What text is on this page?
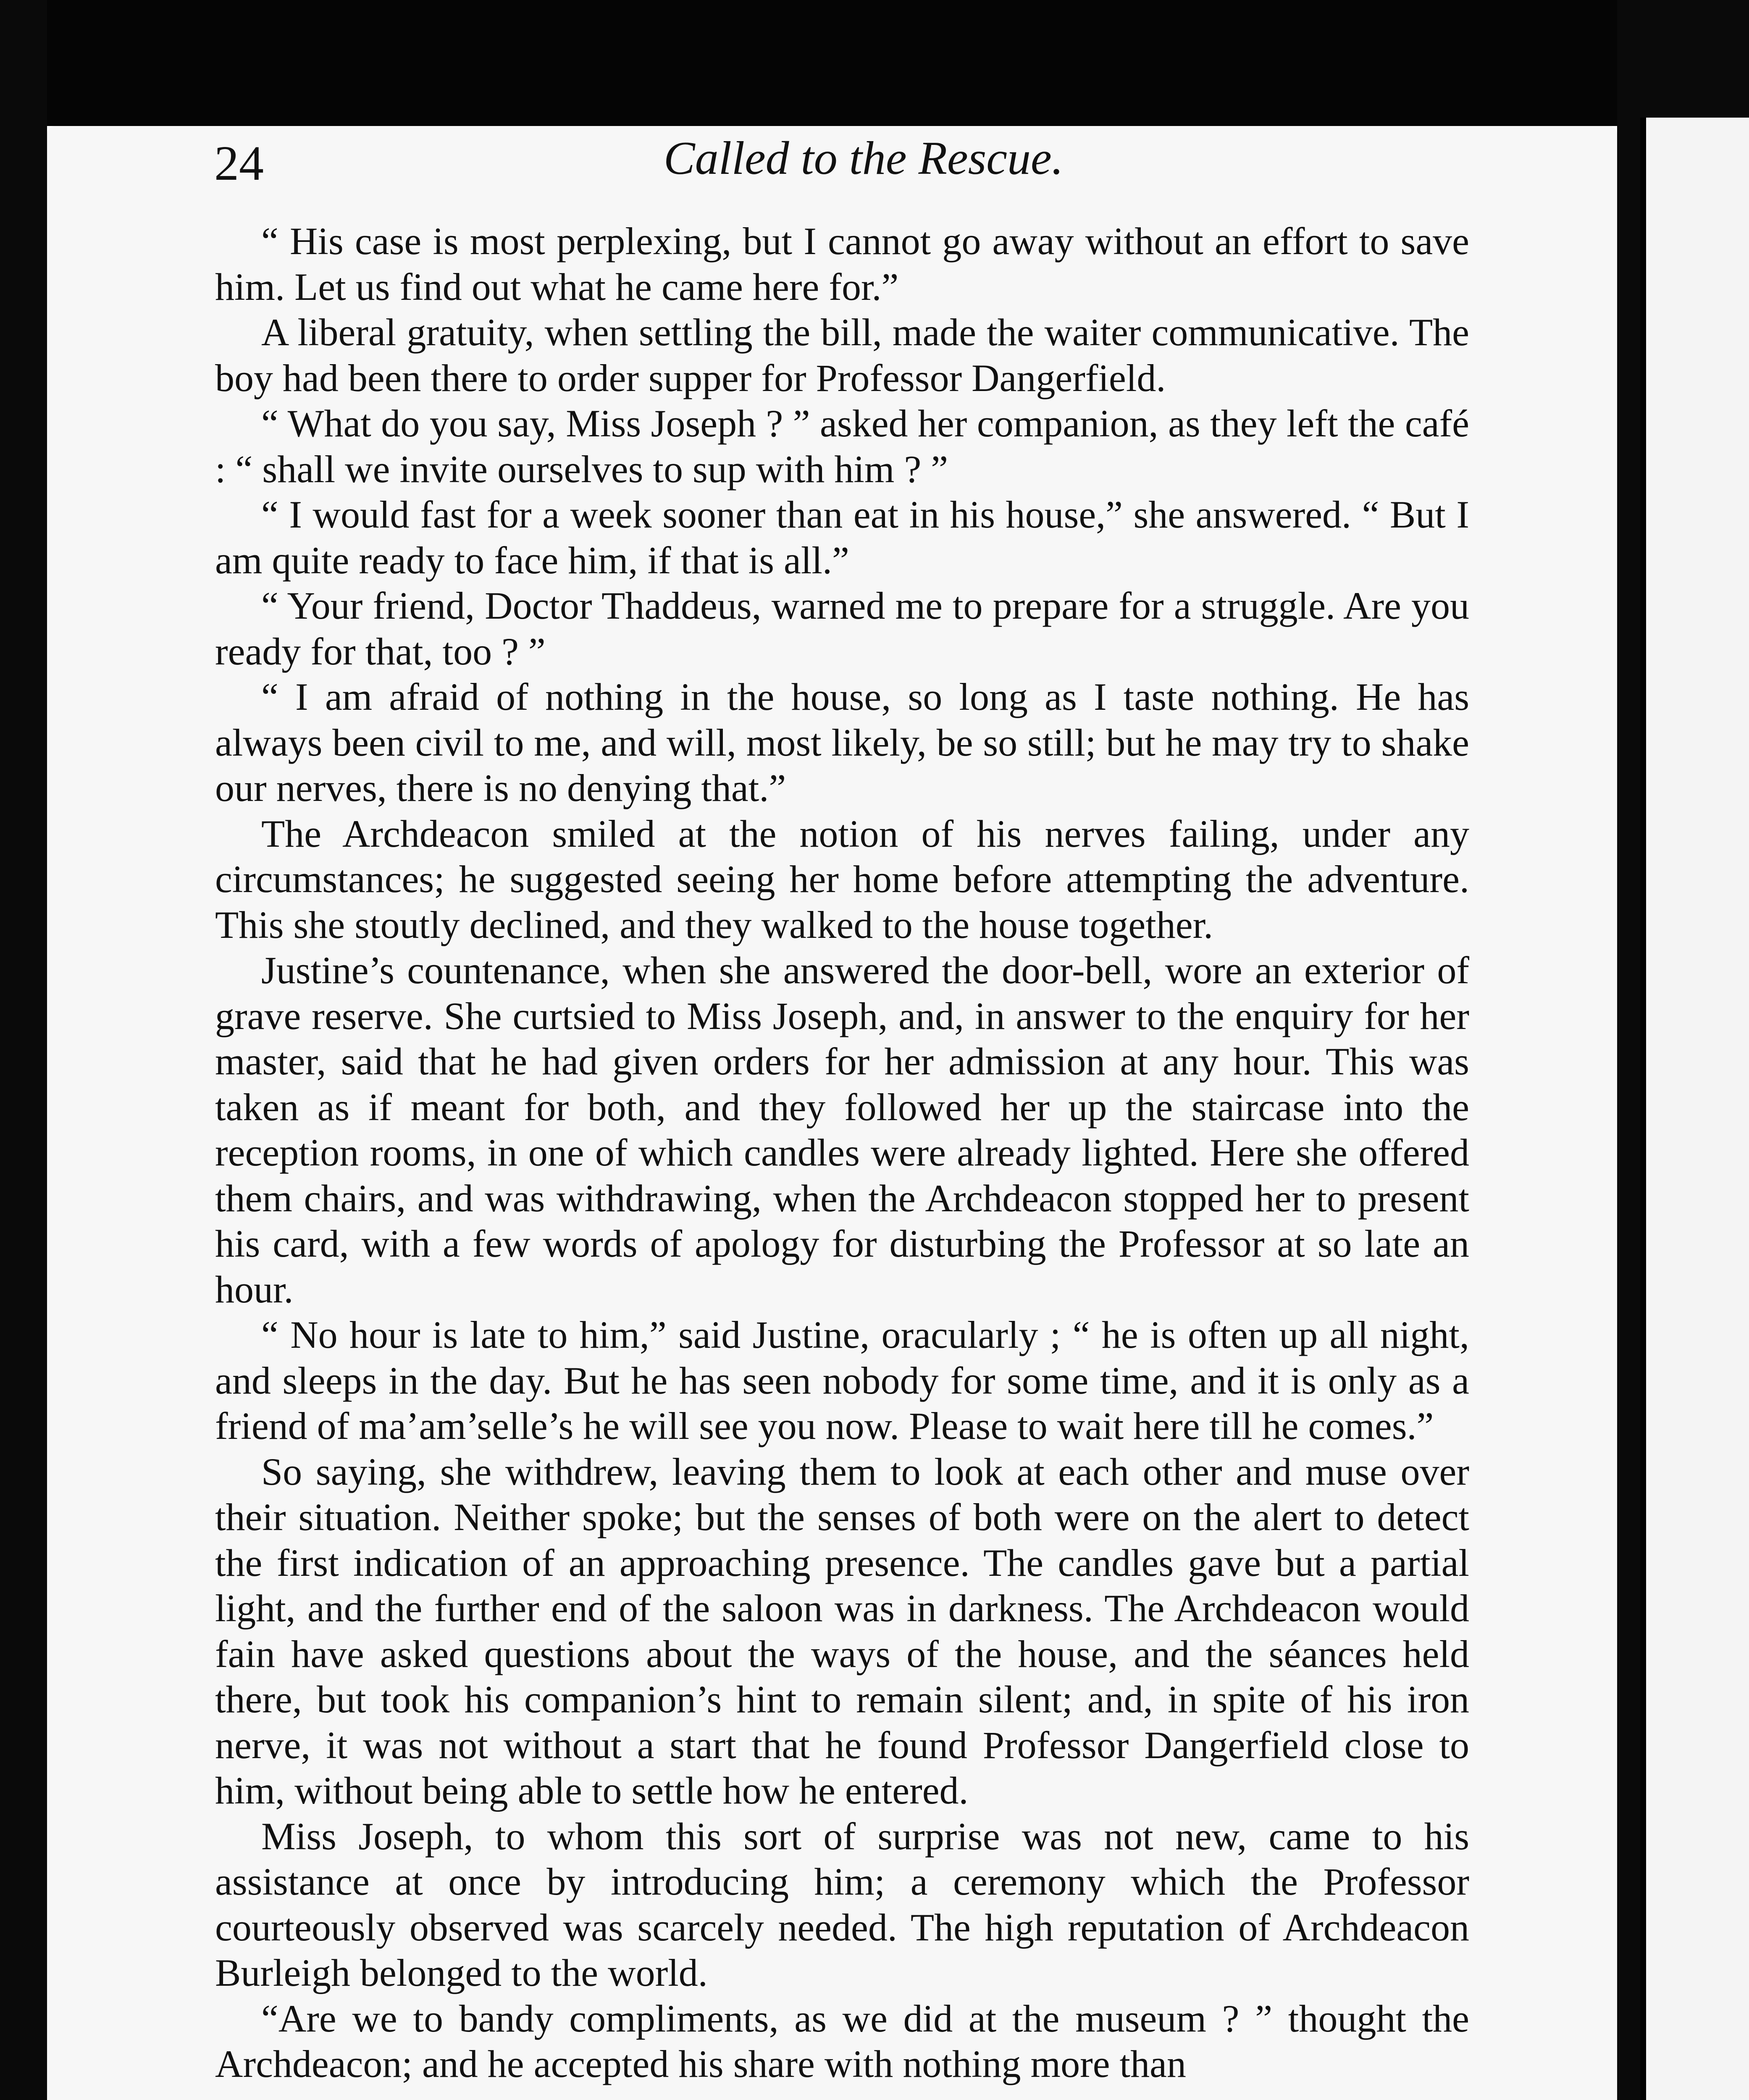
24	Called to the Rescue.

“ His case is most perplexing, but I cannot go away without an effort to save him. Let us find out what he came here for.”

A liberal gratuity, when settling the bill, made the waiter communicative. The boy had been there to order supper for Professor Dangerfield.

“ What do you say, Miss Joseph ? ” asked her companion, as they left the café : “ shall we invite ourselves to sup with him ? ”

“ I would fast for a week sooner than eat in his house,” she answered. “ But I am quite ready to face him, if that is all.”

“ Your friend, Doctor Thaddeus, warned me to prepare for a struggle. Are you ready for that, too ? ”

“ I am afraid of nothing in the house, so long as I taste nothing. He has always been civil to me, and will, most likely, be so still; but he may try to shake our nerves, there is no denying that.”

The Archdeacon smiled at the notion of his nerves failing, under any circumstances; he suggested seeing her home before attempting the adventure. This she stoutly declined, and they walked to the house together.

Justine’s countenance, when she answered the door-bell, wore an exterior of grave reserve. She curtsied to Miss Joseph, and, in answer to the enquiry for her master, said that he had given orders for her admission at any hour. This was taken as if meant for both, and they followed her up the staircase into the reception rooms, in one of which candles were already lighted. Here she offered them chairs, and was withdrawing, when the Archdeacon stopped her to present his card, with a few words of apology for disturbing the Professor at so late an hour.

“ No hour is late to him,” said Justine, oracularly ; “ he is often up all night, and sleeps in the day. But he has seen nobody for some time, and it is only as a friend of ma’am’selle’s he will see you now. Please to wait here till he comes.”

So saying, she withdrew, leaving them to look at each other and muse over their situation. Neither spoke; but the senses of both were on the alert to detect the first indication of an approaching presence. The candles gave but a partial light, and the further end of the saloon was in darkness. The Archdeacon would fain have asked questions about the ways of the house, and the séances held there, but took his companion’s hint to remain silent; and, in spite of his iron nerve, it was not without a start that he found Professor Dangerfield close to him, without being able to settle how he entered.

Miss Joseph, to whom this sort of surprise was not new, came to his assistance at once by introducing him; a ceremony which the Professor courteously observed was scarcely needed. The high reputation of Archdeacon Burleigh belonged to the world.

“Are we to bandy compliments, as we did at the museum ? ” thought the Archdeacon; and he accepted his share with nothing more than
